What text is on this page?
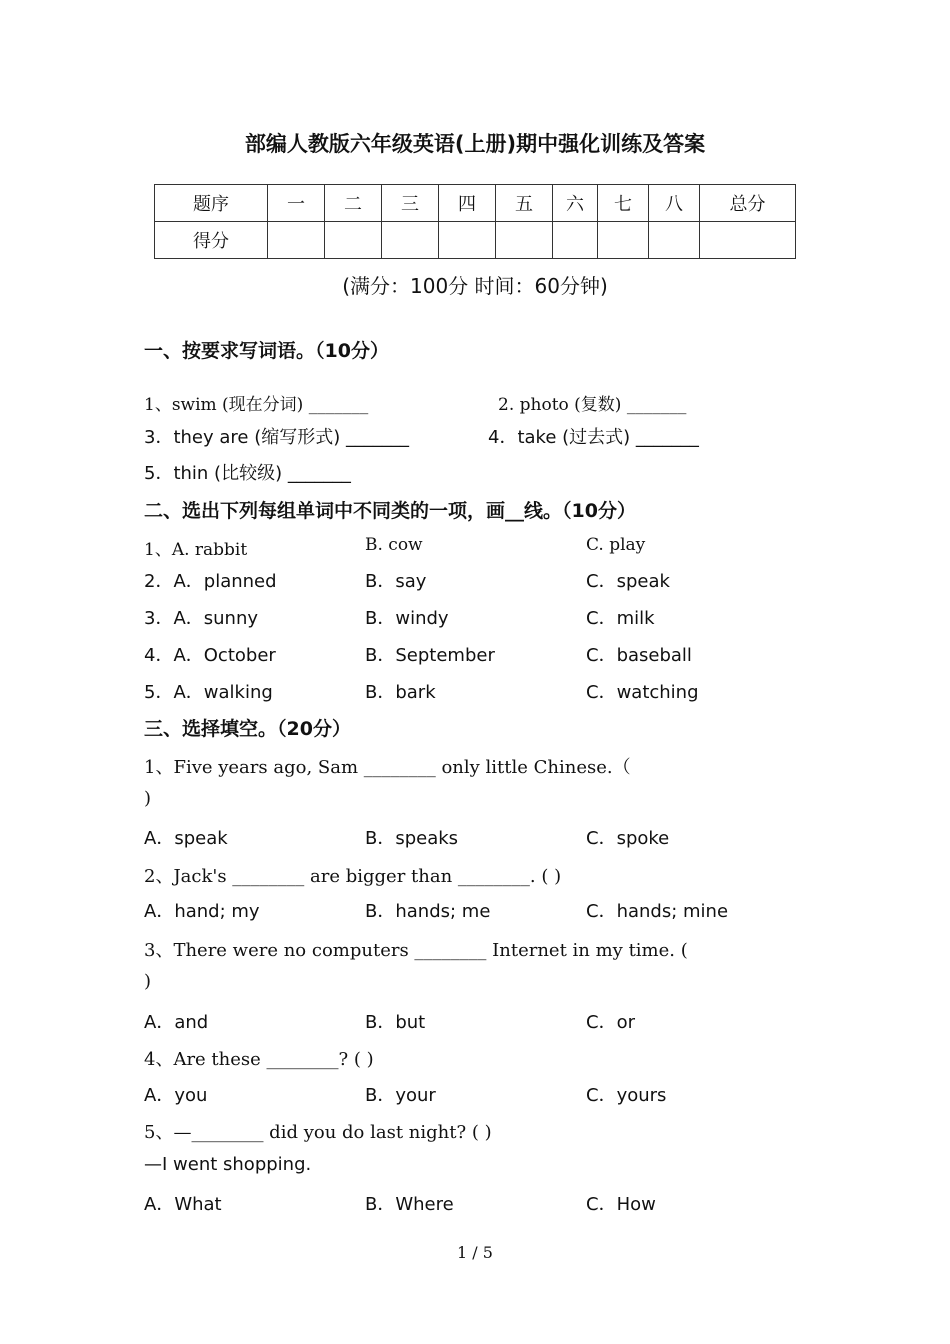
部编人教版六年级英语(上册)期中强化训练及答案
题序	一	二	三	四	五	六	七	八	总分
得分									
(满分：100分 时间：60分钟)
一、按要求写词语。（10分）
1、swim (现在分词) _______	2. photo (复数) _______
3．they are (缩写形式) _______	4．take (过去式) _______
5．thin (比较级) _______
二、选出下列每组单词中不同类的一项，画__线。（10分）
1、A. rabbit	B. cow	C. play
2．A．planned	B．say	C．speak
3．A．sunny	B．windy	C．milk
4．A．October	B．September	C．baseball
5．A．walking	B．bark	C．watching
三、选择填空。（20分）
1、Five years ago, Sam ________ only little Chinese.（
)
A．speak	B．speaks	C．spoke
2、Jack's ________ are bigger than ________. ( )
A．hand; my	B．hands; me	C．hands; mine
3、There were no computers ________ Internet in my time. (
)
A．and	B．but	C．or
4、Are these ________? ( )
A．you	B．your	C．yours
5、—________ did you do last night? ( )
—I went shopping.
A．What	B．Where	C．How
1 / 5
